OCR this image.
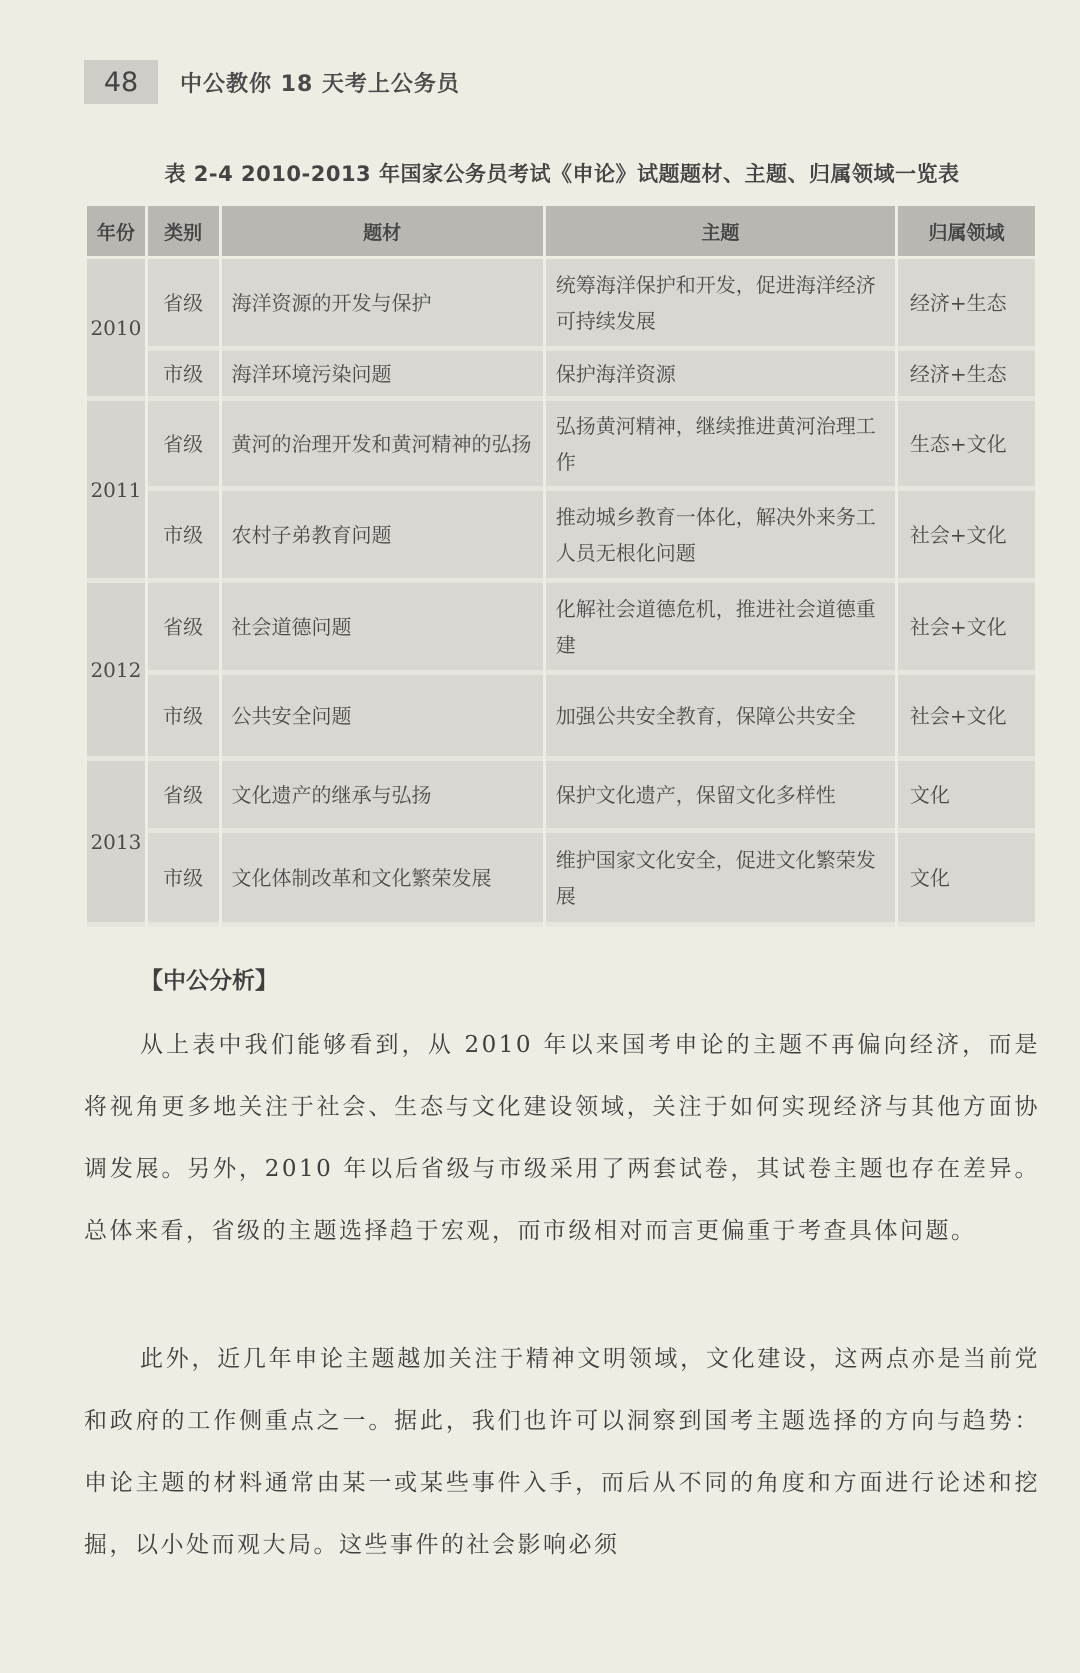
48	中公教你 18 天考上公务员
表 2-4 2010-2013 年国家公务员考试《申论》试题题材、主题、归属领域一览表
年份	类别	题材	主题	归属领域
2010	省级	海洋资源的开发与保护	统筹海洋保护和开发，促进海洋经济可持续发展	经济+生态
	市级	海洋环境污染问题	保护海洋资源	经济+生态
2011	省级	黄河的治理开发和黄河精神的弘扬	弘扬黄河精神，继续推进黄河治理工作	生态+文化
	市级	农村子弟教育问题	推动城乡教育一体化，解决外来务工人员无根化问题	社会+文化
2012	省级	社会道德问题	化解社会道德危机，推进社会道德重建	社会+文化
	市级	公共安全问题	加强公共安全教育，保障公共安全	社会+文化
2013	省级	文化遗产的继承与弘扬	保护文化遗产，保留文化多样性	文化
	市级	文化体制改革和文化繁荣发展	维护国家文化安全，促进文化繁荣发展	文化
【中公分析】

从上表中我们能够看到，从 2010 年以来国考申论的主题不再偏向经济，而是将视角更多地关注于社会、生态与文化建设领域，关注于如何实现经济与其他方面协调发展。另外，2010 年以后省级与市级采用了两套试卷，其试卷主题也存在差异。总体来看，省级的主题选择趋于宏观，而市级相对而言更偏重于考查具体问题。

此外，近几年申论主题越加关注于精神文明领域，文化建设，这两点亦是当前党和政府的工作侧重点之一。据此，我们也许可以洞察到国考主题选择的方向与趋势：申论主题的材料通常由某一或某些事件入手，而后从不同的角度和方面进行论述和挖掘，以小处而观大局。这些事件的社会影响必须
